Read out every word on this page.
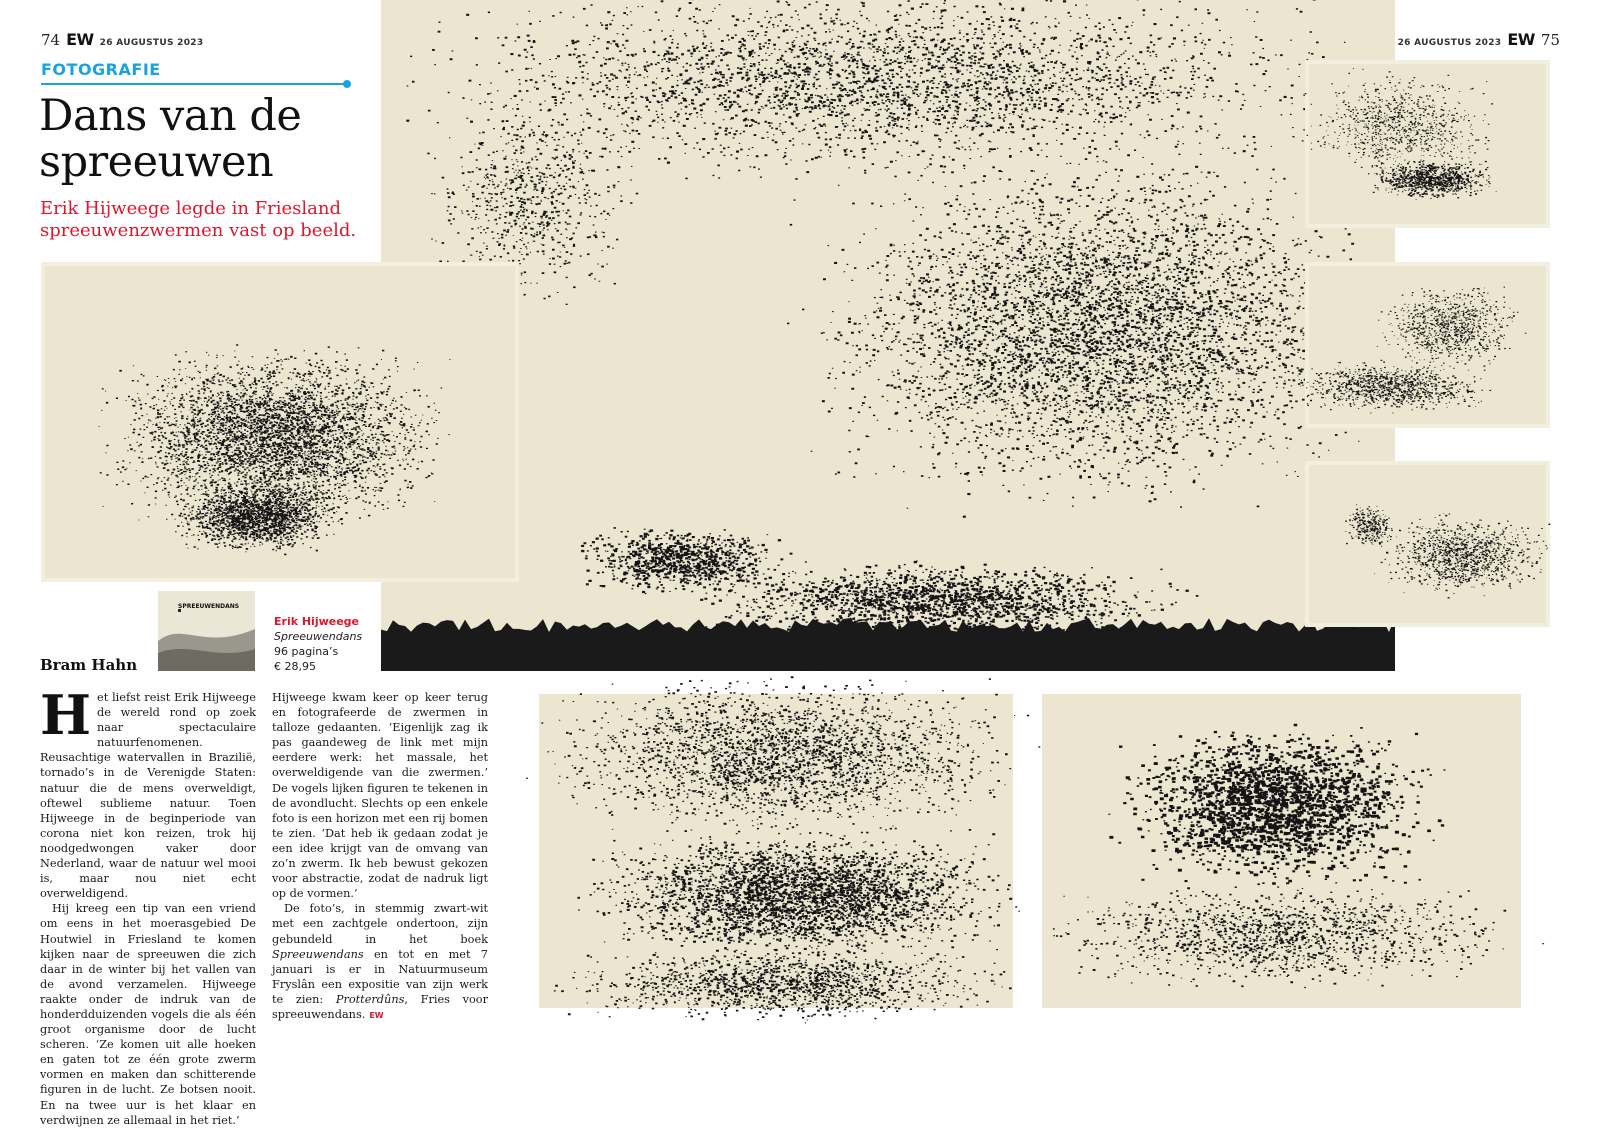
74 EW 26 AUGUSTUS 2023	26 AUGUSTUS 2023 EW 75
FOTOGRAFIE
Dans van de spreeuwen
Erik Hijweege legde in Friesland spreeuwenzwermen vast op beeld.
SPREEUWENDANS
Erik Hijweege
Spreeuwendans
96 pagina’s
€ 28,95
Bram Hahn

Het liefst reist Erik Hijweege de wereld rond op zoek naar spectaculaire natuurfenomenen. Reusachtige watervallen in Brazilië, tornado’s in de Verenigde Staten: natuur die de mens overweldigt, oftewel sublieme natuur. Toen Hijweege in de beginperiode van corona niet kon reizen, trok hij noodgedwongen vaker door Nederland, waar de natuur wel mooi is, maar nou niet echt overweldigend.

Hij kreeg een tip van een vriend om eens in het moerasgebied De Houtwiel in Friesland te komen kijken naar de spreeuwen die zich daar in de winter bij het vallen van de avond verzamelen. Hijweege raakte onder de indruk van de honderdduizenden vogels die als één groot organisme door de lucht scheren. ‘Ze komen uit alle hoeken en gaten tot ze één grote zwerm vormen en maken dan schitterende figuren in de lucht. Ze botsen nooit. En na twee uur is het klaar en verdwijnen ze allemaal in het riet.’

Hijweege kwam keer op keer terug en fotografeerde de zwermen in talloze gedaanten. ‘Eigenlijk zag ik pas gaandeweg de link met mijn eerdere werk: het massale, het overweldigende van die zwermen.’ De vogels lijken figuren te tekenen in de avondlucht. Slechts op een enkele foto is een horizon met een rij bomen te zien. ‘Dat heb ik gedaan zodat je een idee krijgt van de omvang van zo’n zwerm. Ik heb bewust gekozen voor abstractie, zodat de nadruk ligt op de vormen.’

De foto’s, in stemmig zwart-wit met een zachtgele ondertoon, zijn gebundeld in het boek Spreeuwendans en tot en met 7 januari is er in Natuurmuseum Fryslân een expositie van zijn werk te zien: Protterdûns, Fries voor spreeuwendans. EW
